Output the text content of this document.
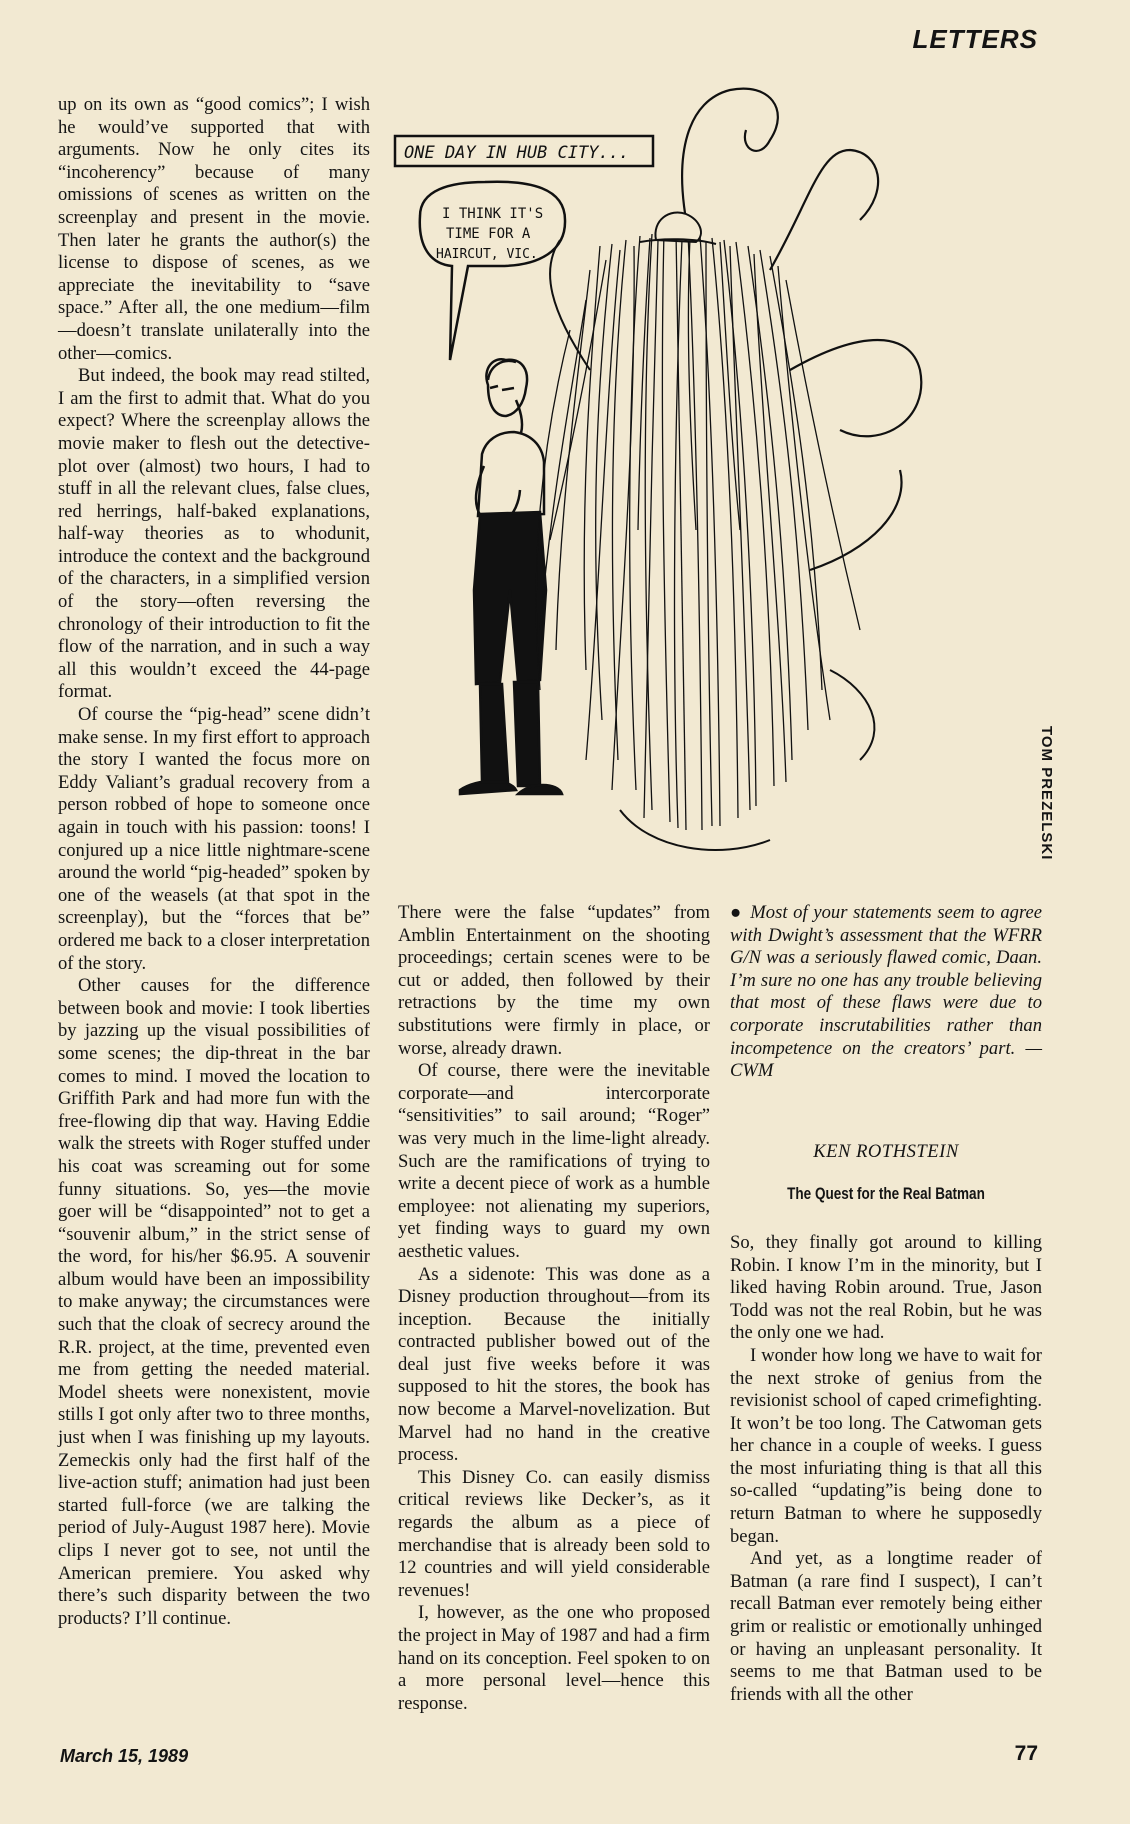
LETTERS

up on its own as “good comics”; I wish he would’ve supported that with arguments. Now he only cites its “incoherency” because of many omissions of scenes as written on the screenplay and present in the movie. Then later he grants the author(s) the license to dispose of scenes, as we appreciate the inevitability to “save space.” After all, the one medium—film—doesn’t translate unilaterally into the other—comics.

But indeed, the book may read stilted, I am the first to admit that. What do you expect? Where the screenplay allows the movie maker to flesh out the detective-plot over (almost) two hours, I had to stuff in all the relevant clues, false clues, red herrings, half-baked explanations, half-way theories as to whodunit, introduce the context and the background of the characters, in a simplified version of the story—often reversing the chronology of their introduction to fit the flow of the narration, and in such a way all this wouldn’t exceed the 44-page format.

Of course the “pig-head” scene didn’t make sense. In my first effort to approach the story I wanted the focus more on Eddy Valiant’s gradual recovery from a person robbed of hope to someone once again in touch with his passion: toons! I conjured up a nice little nightmare-scene around the world “pig-headed” spoken by one of the weasels (at that spot in the screenplay), but the “forces that be” ordered me back to a closer interpretation of the story.

Other causes for the difference between book and movie: I took liberties by jazzing up the visual possibilities of some scenes; the dip-threat in the bar comes to mind. I moved the location to Griffith Park and had more fun with the free-flowing dip that way. Having Eddie walk the streets with Roger stuffed under his coat was screaming out for some funny situations. So, yes—the movie goer will be “disappointed” not to get a “souvenir album,” in the strict sense of the word, for his/her $6.95. A souvenir album would have been an impossibility to make anyway; the circumstances were such that the cloak of secrecy around the R.R. project, at the time, prevented even me from getting the needed material. Model sheets were nonexistent, movie stills I got only after two to three months, just when I was finishing up my layouts. Zemeckis only had the first half of the live-action stuff; animation had just been started full-force (we are talking the period of July-August 1987 here). Movie clips I never got to see, not until the American premiere. You asked why there’s such disparity between the two products? I’ll continue.

ONE DAY IN HUB CITY...
I THINK IT'S
TIME FOR A
HAIRCUT, VIC.
TOM PREZELSKI

There were the false “updates” from Amblin Entertainment on the shooting proceedings; certain scenes were to be cut or added, then followed by their retractions by the time my own substitutions were firmly in place, or worse, already drawn.

Of course, there were the inevitable corporate—and intercorporate “sensitivities” to sail around; “Roger” was very much in the lime-light already. Such are the ramifications of trying to write a decent piece of work as a humble employee: not alienating my superiors, yet finding ways to guard my own aesthetic values.

As a sidenote: This was done as a Disney production throughout—from its inception. Because the initially contracted publisher bowed out of the deal just five weeks before it was supposed to hit the stores, the book has now become a Marvel-novelization. But Marvel had no hand in the creative process.

This Disney Co. can easily dismiss critical reviews like Decker’s, as it regards the album as a piece of merchandise that is already been sold to 12 countries and will yield considerable revenues!

I, however, as the one who proposed the project in May of 1987 and had a firm hand on its conception. Feel spoken to on a more personal level—hence this response.

● Most of your statements seem to agree with Dwight’s assessment that the WFRR G/N was a seriously flawed comic, Daan. I’m sure no one has any trouble believing that most of these flaws were due to corporate inscrutabilities rather than incompetence on the creators’ part. —CWM

KEN ROTHSTEIN
The Quest for the Real Batman

So, they finally got around to killing Robin. I know I’m in the minority, but I liked having Robin around. True, Jason Todd was not the real Robin, but he was the only one we had.

I wonder how long we have to wait for the next stroke of genius from the revisionist school of caped crimefighting. It won’t be too long. The Catwoman gets her chance in a couple of weeks. I guess the most infuriating thing is that all this so-called “updating”is being done to return Batman to where he supposedly began.

And yet, as a longtime reader of Batman (a rare find I suspect), I can’t recall Batman ever remotely being either grim or realistic or emotionally unhinged or having an unpleasant personality. It seems to me that Batman used to be friends with all the other

March 15, 1989	77
